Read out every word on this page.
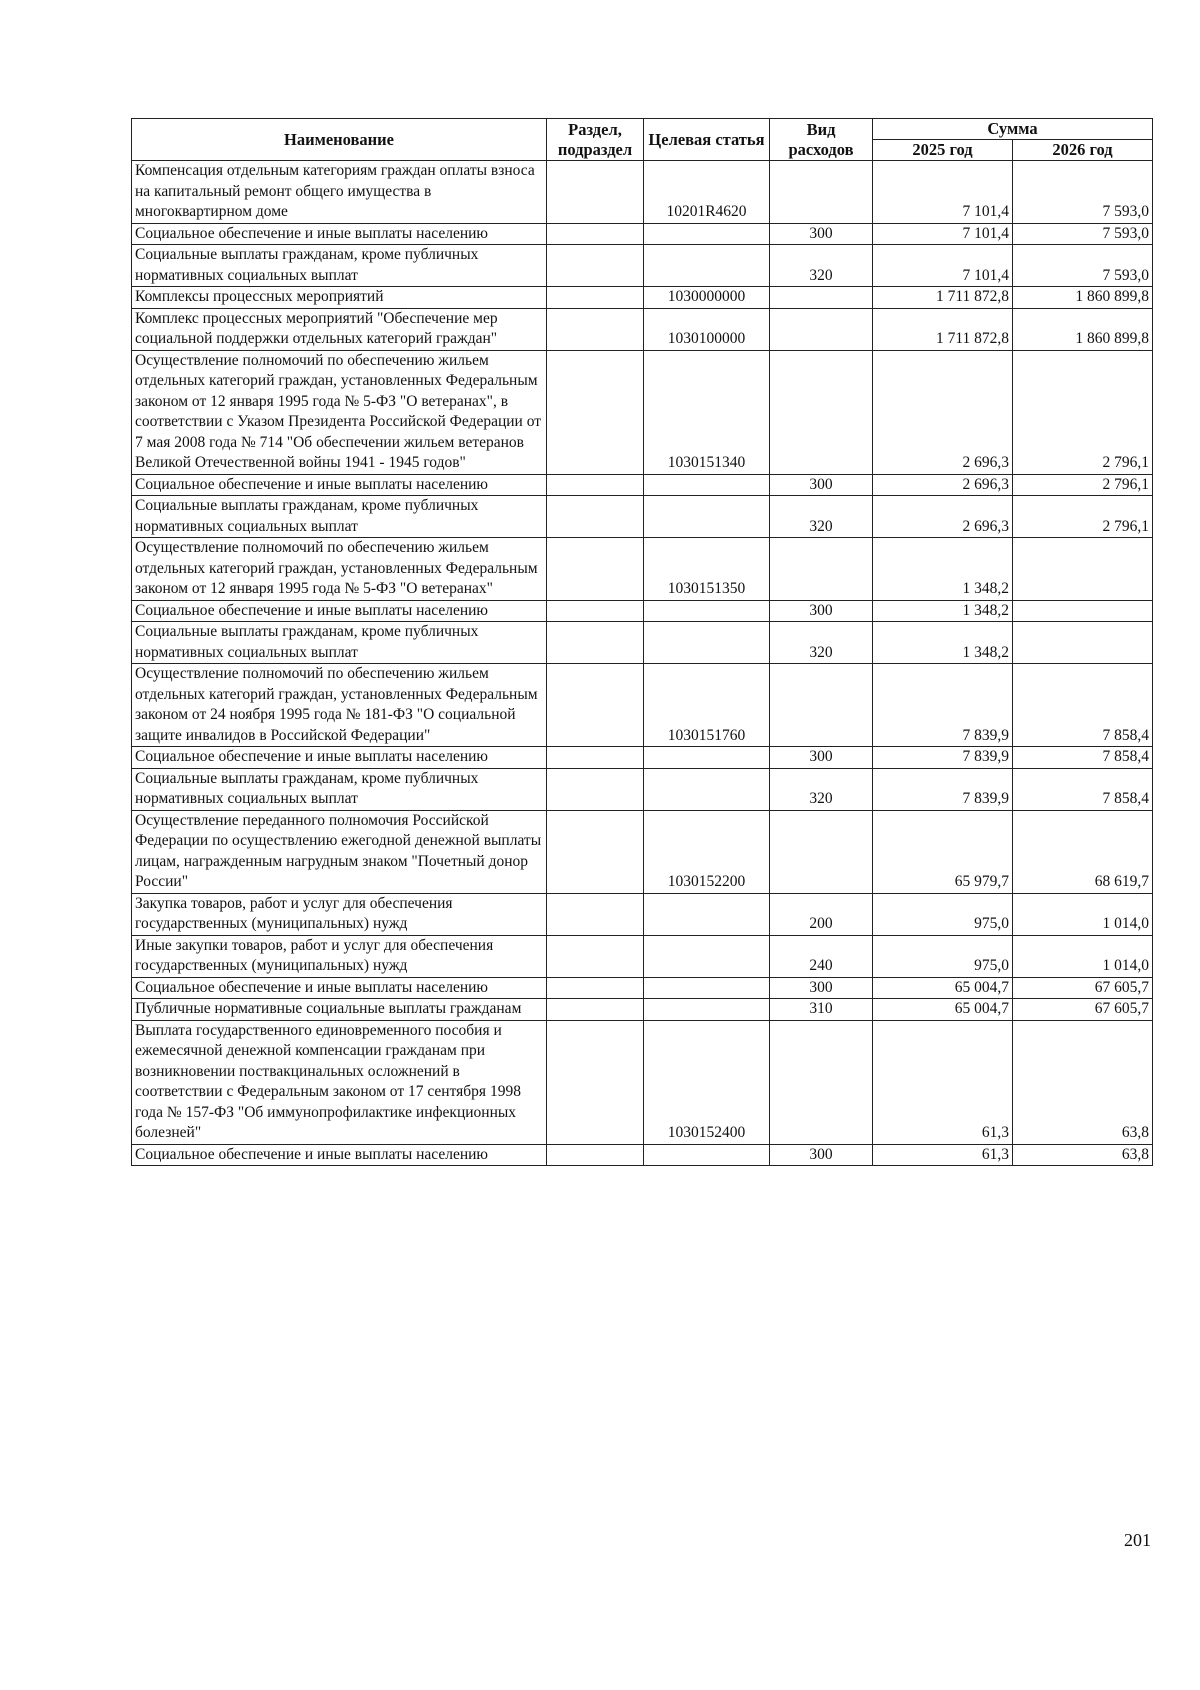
Наименование	Раздел, подраздел	Целевая статья	Вид расходов	Сумма	
				2025 год	2026 год
Компенсация отдельным категориям граждан оплаты взноса на капитальный ремонт общего имущества в многоквартирном доме		10201R4620		7 101,4	7 593,0
Социальное обеспечение и иные выплаты населению			300	7 101,4	7 593,0
Социальные выплаты гражданам, кроме публичных нормативных социальных выплат			320	7 101,4	7 593,0
Комплексы процессных мероприятий		1030000000		1 711 872,8	1 860 899,8
Комплекс процессных мероприятий "Обеспечение мер социальной поддержки отдельных категорий граждан"		1030100000		1 711 872,8	1 860 899,8
Осуществление полномочий по обеспечению жильем отдельных категорий граждан, установленных Федеральным законом от 12 января 1995 года № 5-ФЗ "О ветеранах", в соответствии с Указом Президента Российской Федерации от 7 мая 2008 года № 714 "Об обеспечении жильем ветеранов Великой Отечественной войны 1941 - 1945 годов"		1030151340		2 696,3	2 796,1
Социальное обеспечение и иные выплаты населению			300	2 696,3	2 796,1
Социальные выплаты гражданам, кроме публичных нормативных социальных выплат			320	2 696,3	2 796,1
Осуществление полномочий по обеспечению жильем отдельных категорий граждан, установленных Федеральным законом от 12 января 1995 года № 5-ФЗ "О ветеранах"		1030151350		1 348,2	
Социальное обеспечение и иные выплаты населению			300	1 348,2	
Социальные выплаты гражданам, кроме публичных нормативных социальных выплат			320	1 348,2	
Осуществление полномочий по обеспечению жильем отдельных категорий граждан, установленных Федеральным законом от 24 ноября 1995 года № 181-ФЗ "О социальной защите инвалидов в Российской Федерации"		1030151760		7 839,9	7 858,4
Социальное обеспечение и иные выплаты населению			300	7 839,9	7 858,4
Социальные выплаты гражданам, кроме публичных нормативных социальных выплат			320	7 839,9	7 858,4
Осуществление переданного полномочия Российской Федерации по осуществлению ежегодной денежной выплаты лицам, награжденным нагрудным знаком "Почетный донор России"		1030152200		65 979,7	68 619,7
Закупка товаров, работ и услуг для обеспечения государственных (муниципальных) нужд			200	975,0	1 014,0
Иные закупки товаров, работ и услуг для обеспечения государственных (муниципальных) нужд			240	975,0	1 014,0
Социальное обеспечение и иные выплаты населению			300	65 004,7	67 605,7
Публичные нормативные социальные выплаты гражданам			310	65 004,7	67 605,7
Выплата государственного единовременного пособия и ежемесячной денежной компенсации гражданам при возникновении поствакцинальных осложнений в соответствии с Федеральным законом от 17 сентября 1998 года № 157-ФЗ "Об иммунопрофилактике инфекционных болезней"		1030152400		61,3	63,8
Социальное обеспечение и иные выплаты населению			300	61,3	63,8
201
